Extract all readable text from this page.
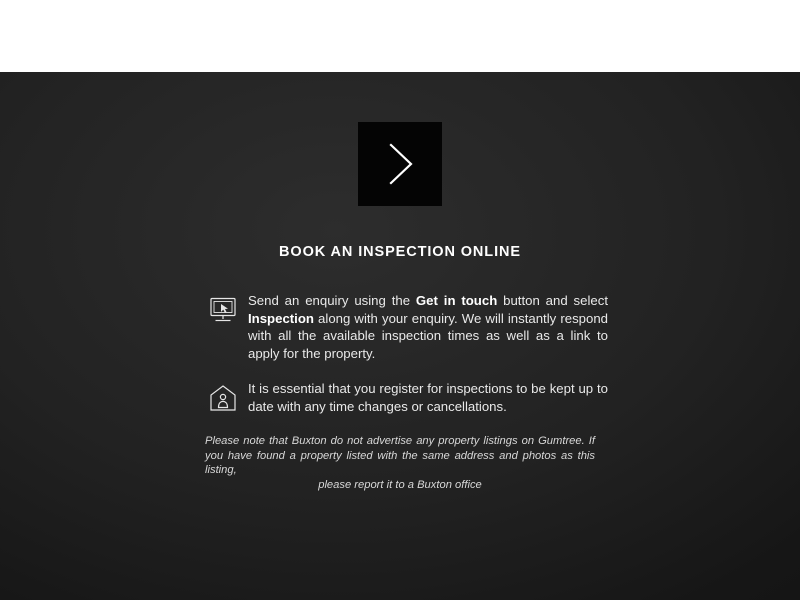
BOOK AN INSPECTION ONLINE
Send an enquiry using the Get in touch button and select Inspection along with your enquiry. We will instantly respond with all the available inspection times as well as a link to apply for the property.
It is essential that you register for inspections to be kept up to date with any time changes or cancellations.
Please note that Buxton do not advertise any property listings on Gumtree. If you have found a property listed with the same address and photos as this listing,
please report it to a Buxton office
